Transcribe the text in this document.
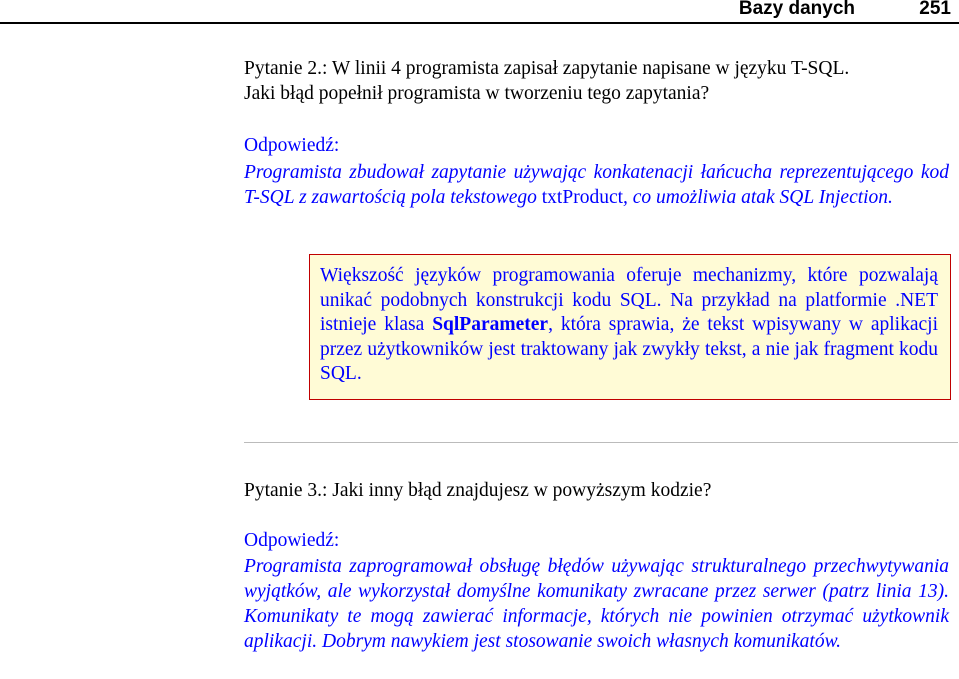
Bazy danych	251

Pytanie 2.: W linii 4 programista zapisał zapytanie napisane w języku T-SQL.

Jaki błąd popełnił programista w tworzeniu tego zapytania?

Odpowiedź:

Programista zbudował zapytanie używając konkatenacji łańcucha reprezentującego kod T-SQL z zawartością pola tekstowego txtProduct, co umożliwia atak SQL Injection.

Większość języków programowania oferuje mechanizmy, które pozwalają unikać podobnych konstrukcji kodu SQL. Na przykład na platformie .NET istnieje klasa SqlParameter, która sprawia, że tekst wpisywany w aplikacji przez użytkowników jest traktowany jak zwykły tekst, a nie jak fragment kodu SQL.

Pytanie 3.: Jaki inny błąd znajdujesz w powyższym kodzie?

Odpowiedź:

Programista zaprogramował obsługę błędów używając strukturalnego przechwytywania wyjątków, ale wykorzystał domyślne komunikaty zwracane przez serwer (patrz linia 13). Komunikaty te mogą zawierać informacje, których nie powinien otrzymać użytkownik aplikacji. Dobrym nawykiem jest stosowanie swoich własnych komunikatów.
